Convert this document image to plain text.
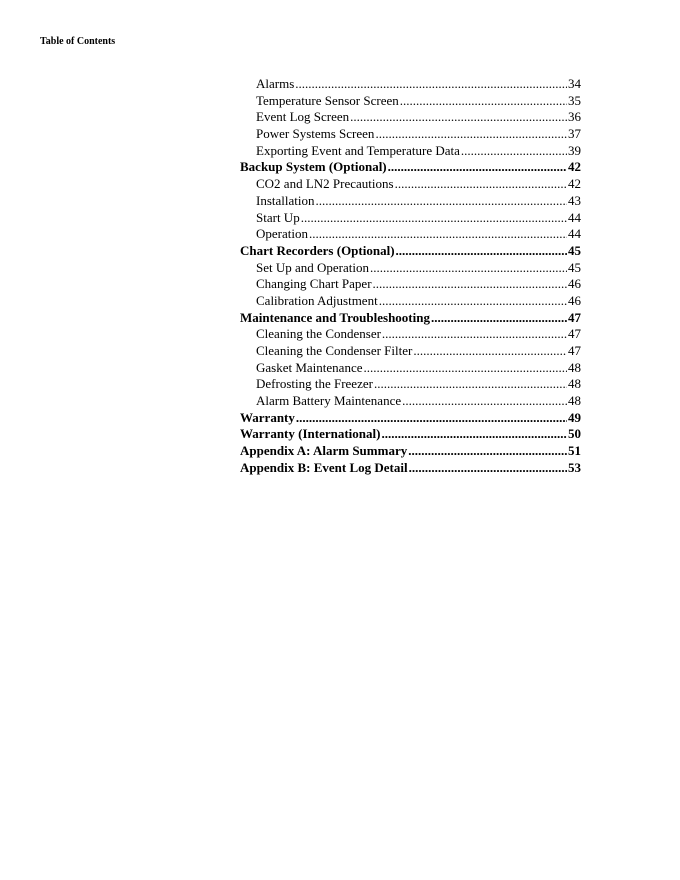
Table of Contents
Alarms .....	34
Temperature Sensor Screen .....	35
Event Log Screen .....	36
Power Systems Screen .....	37
Exporting Event and Temperature Data .....	39
Backup System (Optional) .....	42
CO2 and LN2 Precautions .....	42
Installation .....	43
Start Up .....	44
Operation .....	44
Chart Recorders (Optional) .....	45
Set Up and Operation .....	45
Changing Chart Paper .....	46
Calibration Adjustment .....	46
Maintenance and Troubleshooting .....	47
Cleaning the Condenser .....	47
Cleaning the Condenser Filter .....	47
Gasket Maintenance .....	48
Defrosting the Freezer .....	48
Alarm Battery Maintenance .....	48
Warranty .....	49
Warranty (International) .....	50
Appendix A: Alarm Summary .....	51
Appendix B: Event Log Detail .....	53
